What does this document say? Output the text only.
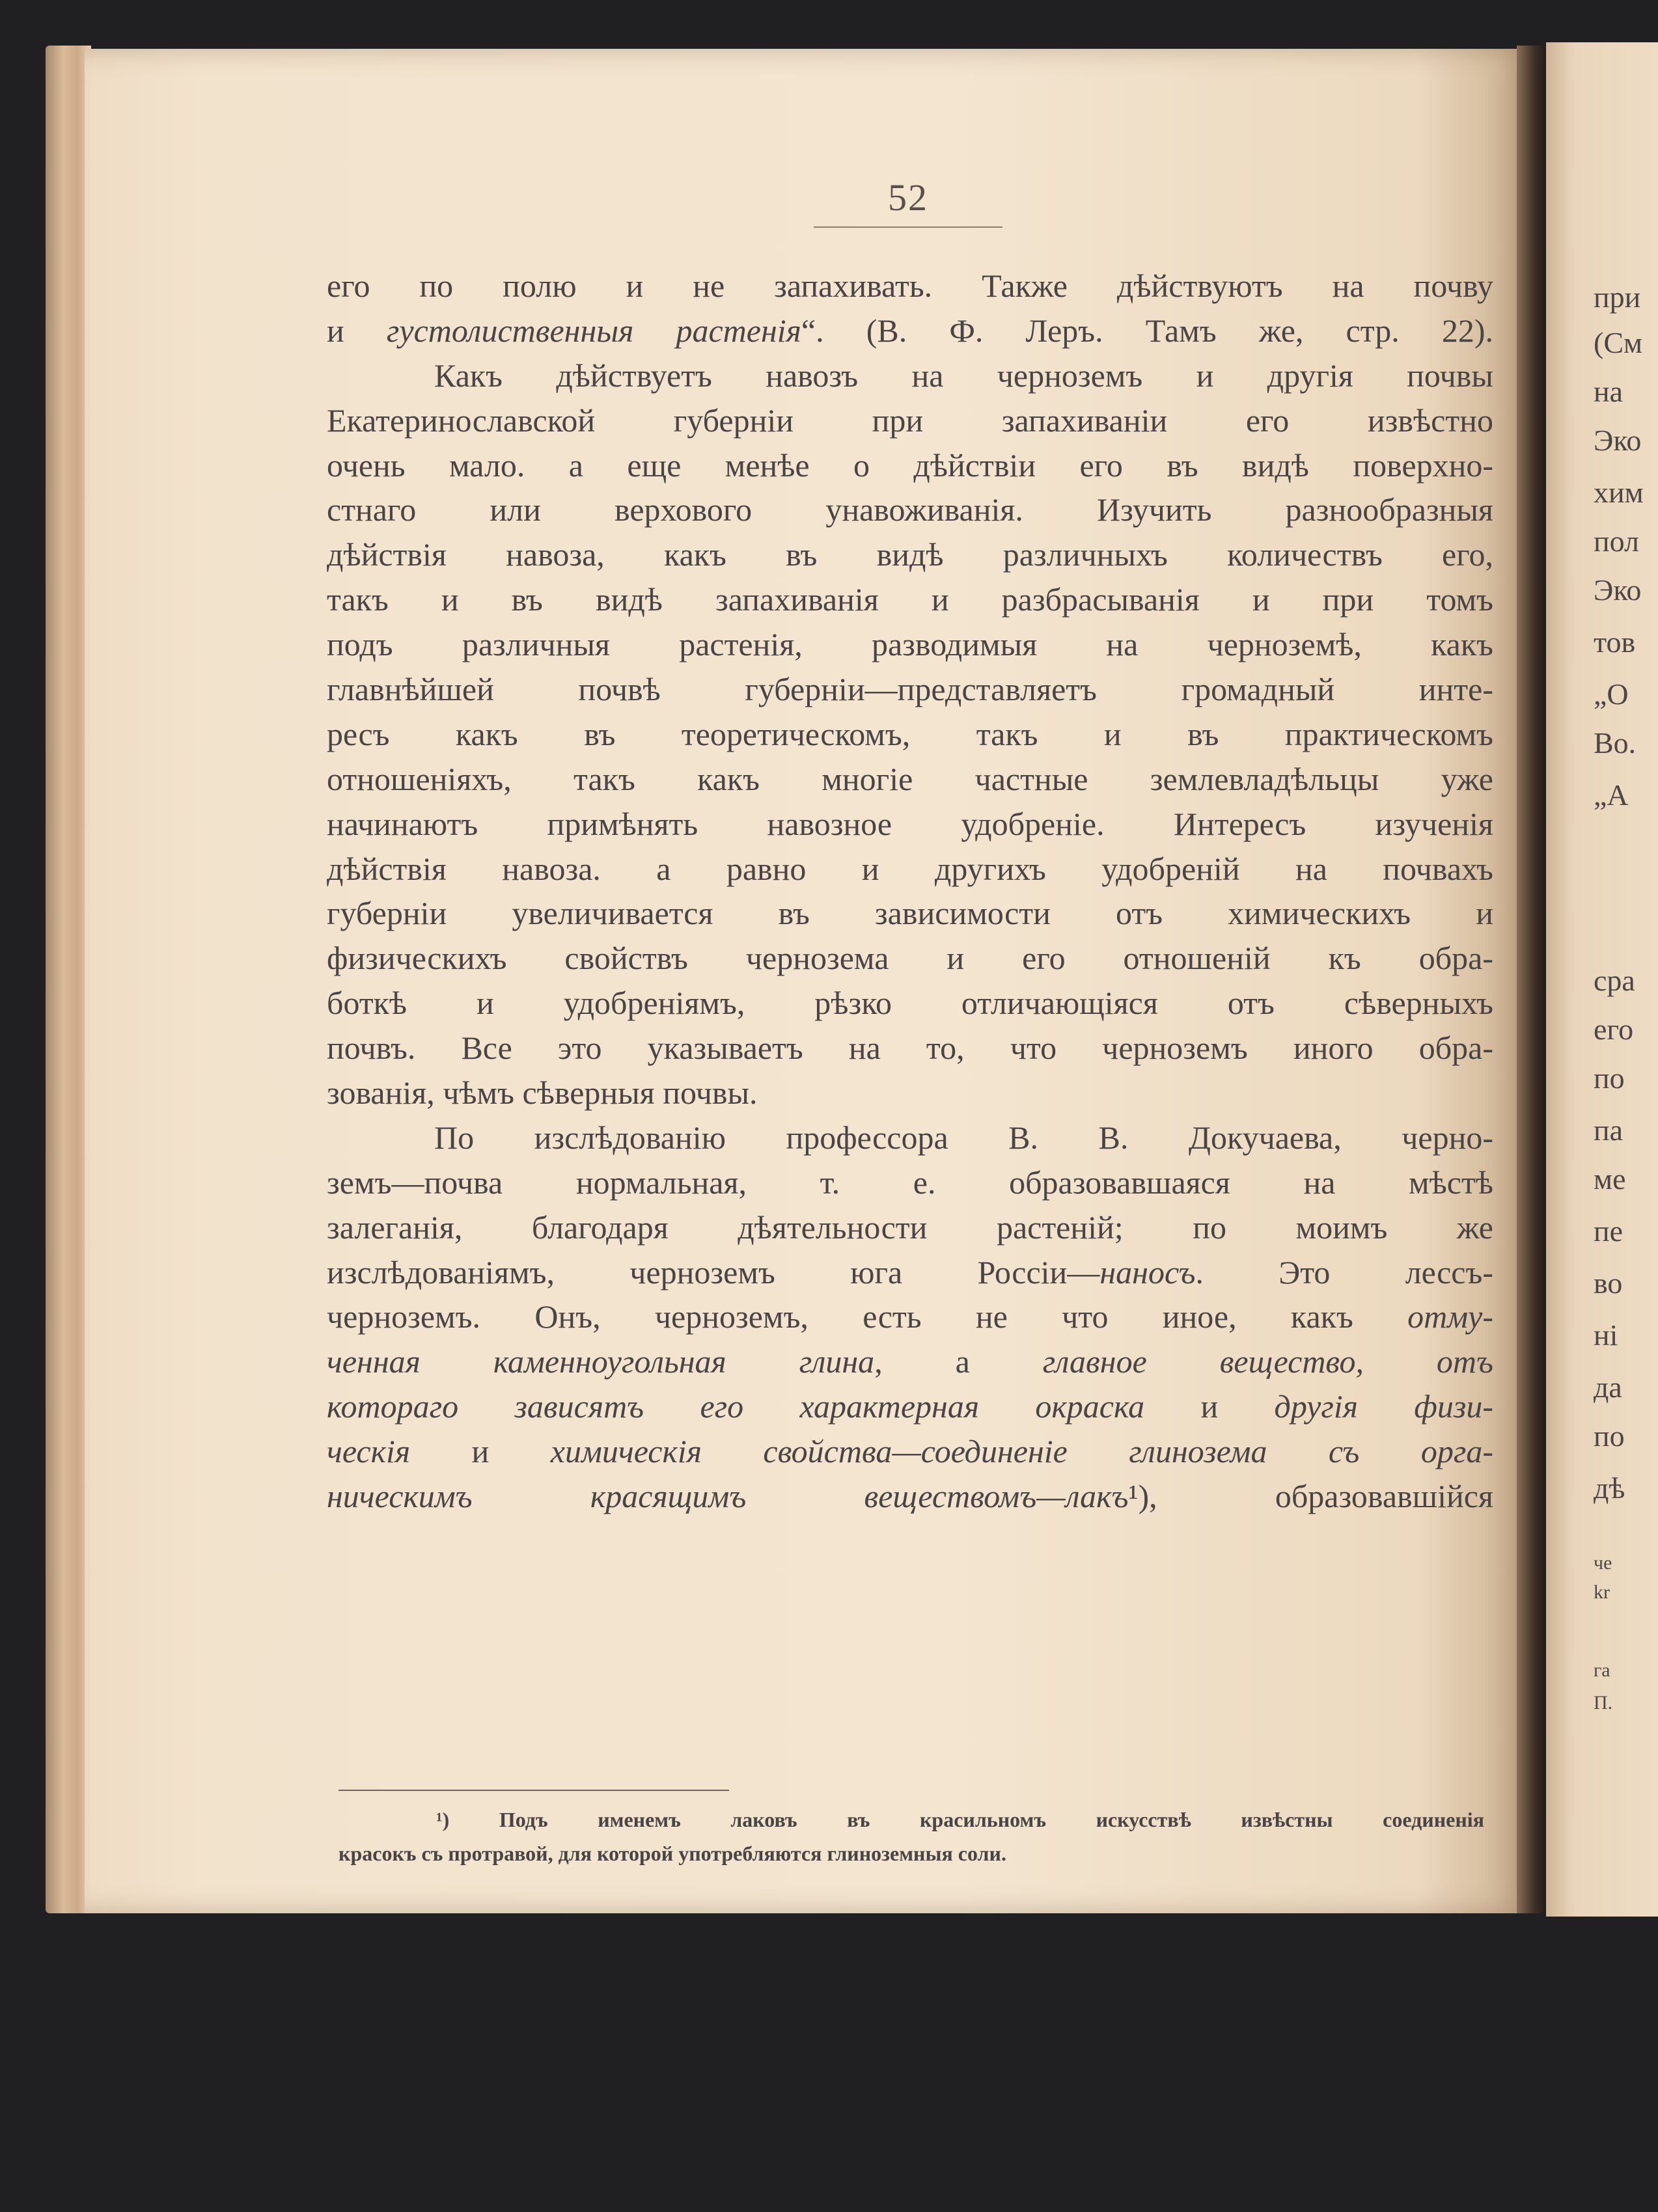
52
его по полю и не запахивать. Также дѣйствуютъ на почву
и густолиственныя растенія“. (В. Ф. Леръ. Тамъ же, стр. 22).
Какъ дѣйствуетъ навозъ на черноземъ и другія почвы
Екатеринославской губерніи при запахиваніи его извѣстно
очень мало. а еще менѣе о дѣйствіи его въ видѣ поверхно-
стнаго или верхового унавоживанія. Изучить разнообразныя
дѣйствія навоза, какъ въ видѣ различныхъ количествъ его,
такъ и въ видѣ запахиванія и разбрасыванія и при томъ
подъ различныя растенія, разводимыя на черноземѣ, какъ
главнѣйшей почвѣ губерніи—представляетъ громадный инте-
ресъ какъ въ теоретическомъ, такъ и въ практическомъ
отношеніяхъ, такъ какъ многіе частные землевладѣльцы уже
начинаютъ примѣнять навозное удобреніе. Интересъ изученія
дѣйствія навоза. а равно и другихъ удобреній на почвахъ
губерніи увеличивается въ зависимости отъ химическихъ и
физическихъ свойствъ чернозема и его отношеній къ обра-
боткѣ и удобреніямъ, рѣзко отличающіяся отъ сѣверныхъ
почвъ. Все это указываетъ на то, что черноземъ иного обра-
зованія, чѣмъ сѣверныя почвы.
По изслѣдованію профессора В. В. Докучаева, черно-
земъ—почва нормальная, т. е. образовавшаяся на мѣстѣ
залеганія, благодаря дѣятельности растеній; по моимъ же
изслѣдованіямъ, черноземъ юга Россіи—наносъ. Это лессъ-
черноземъ. Онъ, черноземъ, есть не что иное, какъ отму-
ченная каменноугольная глина, а главное вещество, отъ
котораго зависятъ его характерная окраска и другія физи-
ческія и химическія свойства—соединеніе глинозема съ орга-
ническимъ красящимъ веществомъ—лакъ¹), образовавшійся
¹) Подъ именемъ лаковъ въ красильномъ искусствѣ извѣстны соединенія
красокъ съ протравой, для которой употребляются глиноземныя соли.
при
(См
на
Эко
хим
пол
Эко
тов
„О
Во.
„А
сра
его
по
па
ме
пе
во
ні
да
по
дѣ
че
kr
га
П.
